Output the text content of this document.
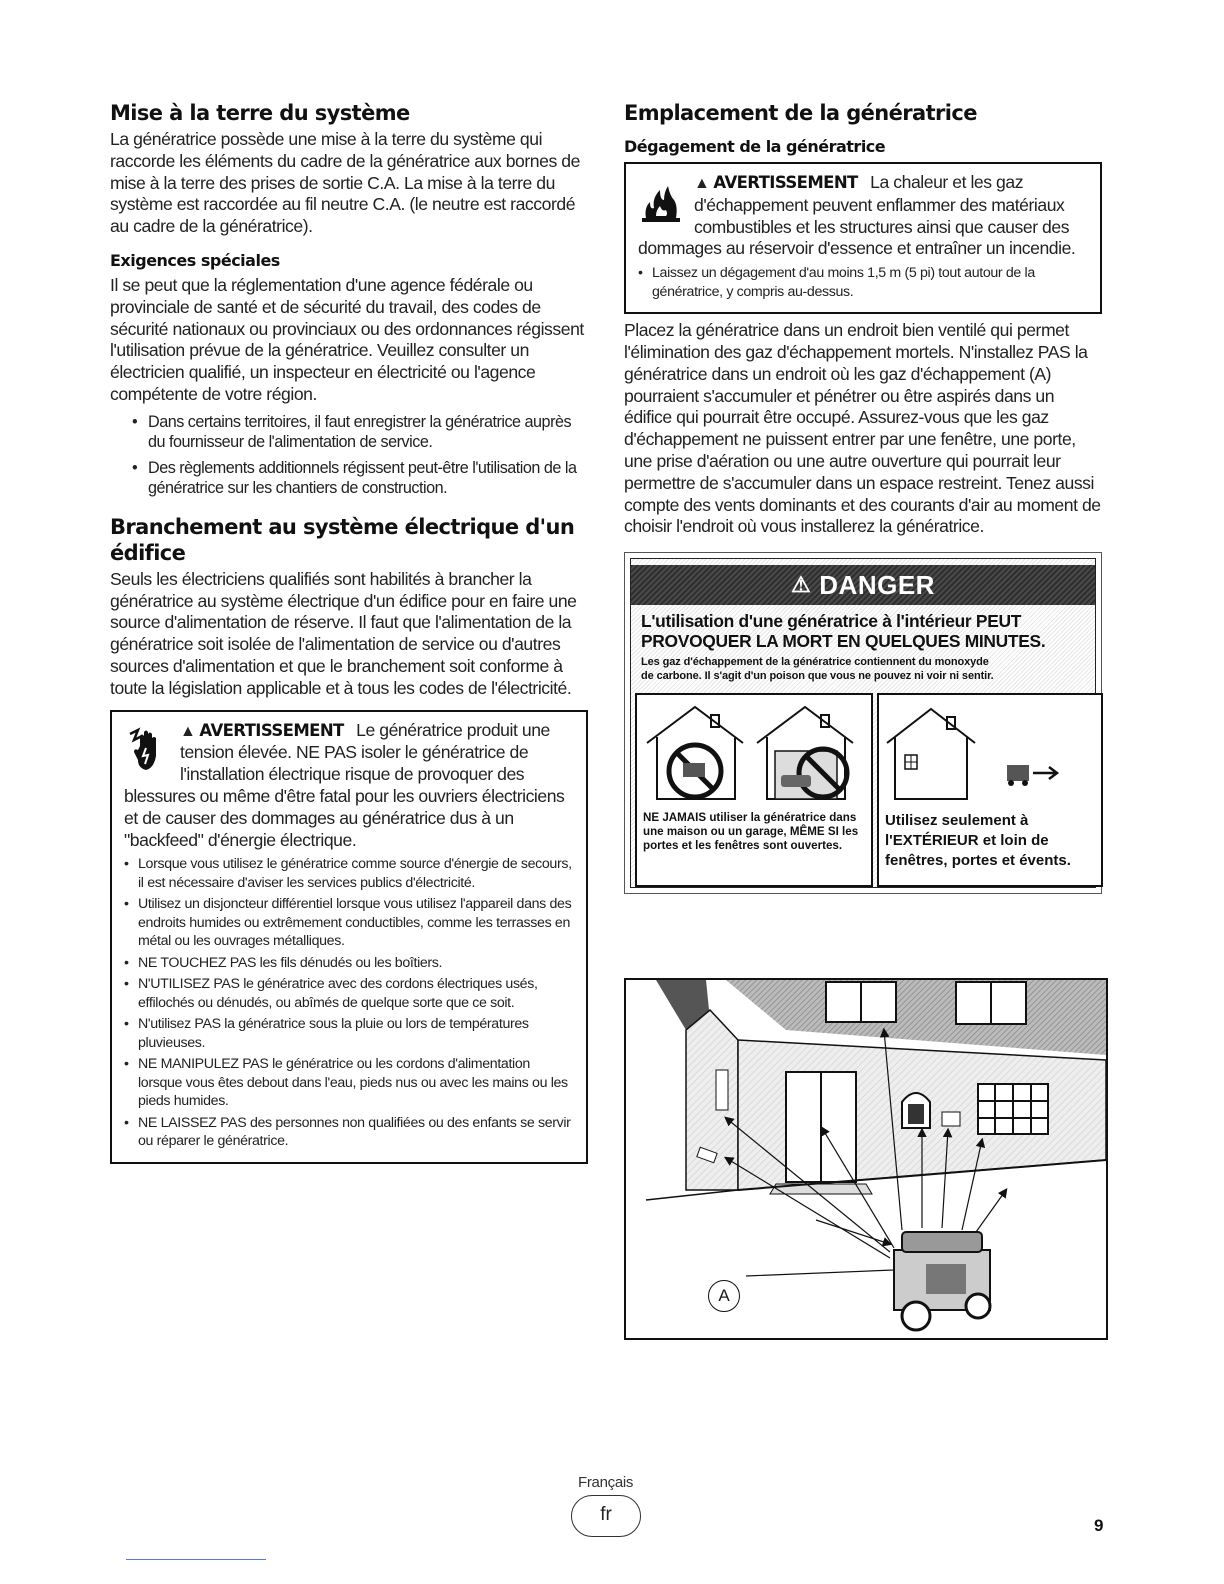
Mise à la terre du système

La génératrice possède une mise à la terre du système qui raccorde les éléments du cadre de la génératrice aux bornes de mise à la terre des prises de sortie C.A. La mise à la terre du système est raccordée au fil neutre C.A. (le neutre est raccordé au cadre de la génératrice).

Exigences spéciales

Il se peut que la réglementation d'une agence fédérale ou provinciale de santé et de sécurité du travail, des codes de sécurité nationaux ou provinciaux ou des ordonnances régissent l'utilisation prévue de la génératrice. Veuillez consulter un électricien qualifié, un inspecteur en électricité ou l'agence compétente de votre région.

• Dans certains territoires, il faut enregistrer la génératrice auprès du fournisseur de l'alimentation de service.
• Des règlements additionnels régissent peut-être l'utilisation de la génératrice sur les chantiers de construction.
Branchement au système électrique d'un édifice

Seuls les électriciens qualifiés sont habilités à brancher la génératrice au système électrique d'un édifice pour en faire une source d'alimentation de réserve. Il faut que l'alimentation de la génératrice soit isolée de l'alimentation de service ou d'autres sources d'alimentation et que le branchement soit conforme à toute la législation applicable et à tous les codes de l'électricité.

▲ AVERTISSEMENT Le génératrice produit une tension élevée. NE PAS isoler le génératrice de l'installation électrique risque de provoquer des blessures ou même d'être fatal pour les ouvriers électriciens et de causer des dommages au génératrice dus à un "backfeed" d'énergie électrique.
• Lorsque vous utilisez le génératrice comme source d'énergie de secours, il est nécessaire d'aviser les services publics d'électricité.
• Utilisez un disjoncteur différentiel lorsque vous utilisez l'appareil dans des endroits humides ou extrêmement conductibles, comme les terrasses en métal ou les ouvrages métalliques.
• NE TOUCHEZ PAS les fils dénudés ou les boîtiers.
• N'UTILISEZ PAS le génératrice avec des cordons électriques usés, effilochés ou dénudés, ou abîmés de quelque sorte que ce soit.
• N'utilisez PAS la génératrice sous la pluie ou lors de températures pluvieuses.
• NE MANIPULEZ PAS le génératrice ou les cordons d'alimentation lorsque vous êtes debout dans l'eau, pieds nus ou avec les mains ou les pieds humides.
• NE LAISSEZ PAS des personnes non qualifiées ou des enfants se servir ou réparer le génératrice.
Emplacement de la génératrice
Dégagement de la génératrice
▲ AVERTISSEMENT La chaleur et les gaz d'échappement peuvent enflammer des matériaux combustibles et les structures ainsi que causer des dommages au réservoir d'essence et entraîner un incendie.
• Laissez un dégagement d'au moins 1,5 m (5 pi) tout autour de la génératrice, y compris au-dessus.

Placez la génératrice dans un endroit bien ventilé qui permet l'élimination des gaz d'échappement mortels. N'installez PAS la génératrice dans un endroit où les gaz d'échappement (A) pourraient s'accumuler et pénétrer ou être aspirés dans un édifice qui pourrait être occupé. Assurez-vous que les gaz d'échappement ne puissent entrer par une fenêtre, une porte, une prise d'aération ou une autre ouverture qui pourrait leur permettre de s'accumuler dans un espace restreint. Tenez aussi compte des vents dominants et des courants d'air au moment de choisir l'endroit où vous installerez la génératrice.

⚠ DANGER
L'utilisation d'une génératrice à l'intérieur PEUT
PROVOQUER LA MORT EN QUELQUES MINUTES.
Les gaz d'échappement de la génératrice contiennent du monoxyde
de carbone. Il s'agit d'un poison que vous ne pouvez ni voir ni sentir.
NE JAMAIS utiliser la génératrice dans une maison ou un garage, MÊME SI les portes et les fenêtres sont ouvertes.
Utilisez seulement à l'EXTÉRIEUR et loin de fenêtres, portes et évents.
A
Français
fr
9
